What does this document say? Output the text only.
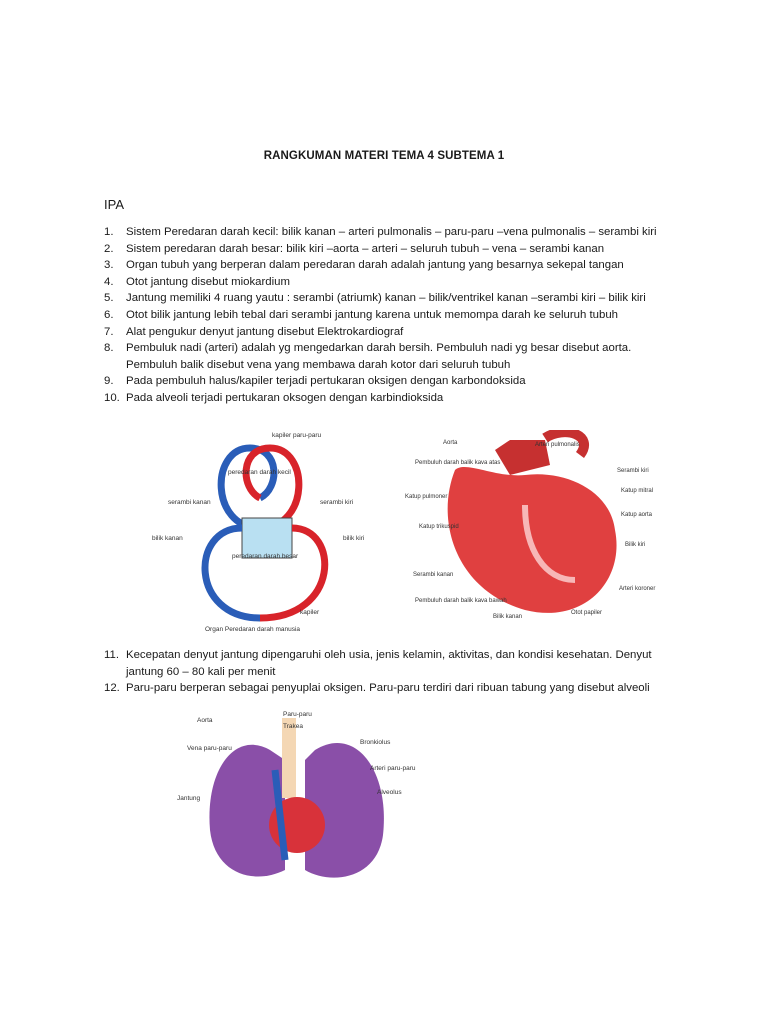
RANGKUMAN MATERI TEMA 4 SUBTEMA 1
IPA
1. Sistem Peredaran darah kecil: bilik kanan – arteri pulmonalis – paru-paru –vena pulmonalis – serambi kiri
2. Sistem peredaran darah besar: bilik kiri –aorta – arteri – seluruh tubuh – vena – serambi kanan
3. Organ tubuh yang berperan dalam peredaran darah adalah jantung yang besarnya sekepal tangan
4. Otot jantung disebut miokardium
5. Jantung memiliki 4 ruang yautu : serambi (atriumk) kanan – bilik/ventrikel kanan –serambi kiri – bilik kiri
6. Otot bilik jantung lebih tebal dari serambi jantung karena untuk memompa darah ke seluruh tubuh
7. Alat pengukur denyut jantung disebut Elektrokardiograf
8. Pembuluk nadi (arteri) adalah yg mengedarkan darah bersih. Pembuluh nadi yg besar disebut aorta. Pembuluh balik disebut vena yang membawa darah kotor dari seluruh tubuh
9. Pada pembuluh halus/kapiler terjadi pertukaran oksigen dengan karbondoksida
10. Pada alveoli terjadi pertukaran oksogen dengan karbindioksida
kapiler paru-paru
peredaran darah kecil
serambi kanan	serambi kiri
bilik kanan	bilik kiri
peredaran darah besar
kapiler
Organ Peredaran darah manusia
Aorta	Arteri pulmonalis
Pembuluh darah balik kava atas
Serambi kiri
Katup mitral
Katup pulmoner
Katup aorta
Katup trikuspid
Bilik kiri
Serambi kanan
Arteri koroner
Pembuluh darah balik kava bawah
Bilik kanan
Otot papiler
11. Kecepatan denyut jantung dipengaruhi oleh usia, jenis kelamin, aktivitas, dan kondisi kesehatan. Denyut jantung 60 – 80 kali per menit
12. Paru-paru berperan sebagai penyuplai oksigen. Paru-paru terdiri dari ribuan tabung yang disebut alveoli
Aorta
Paru-paru
Trakea
Bronkiolus
Vena paru-paru
Arteri paru-paru
Alveolus
Jantung
